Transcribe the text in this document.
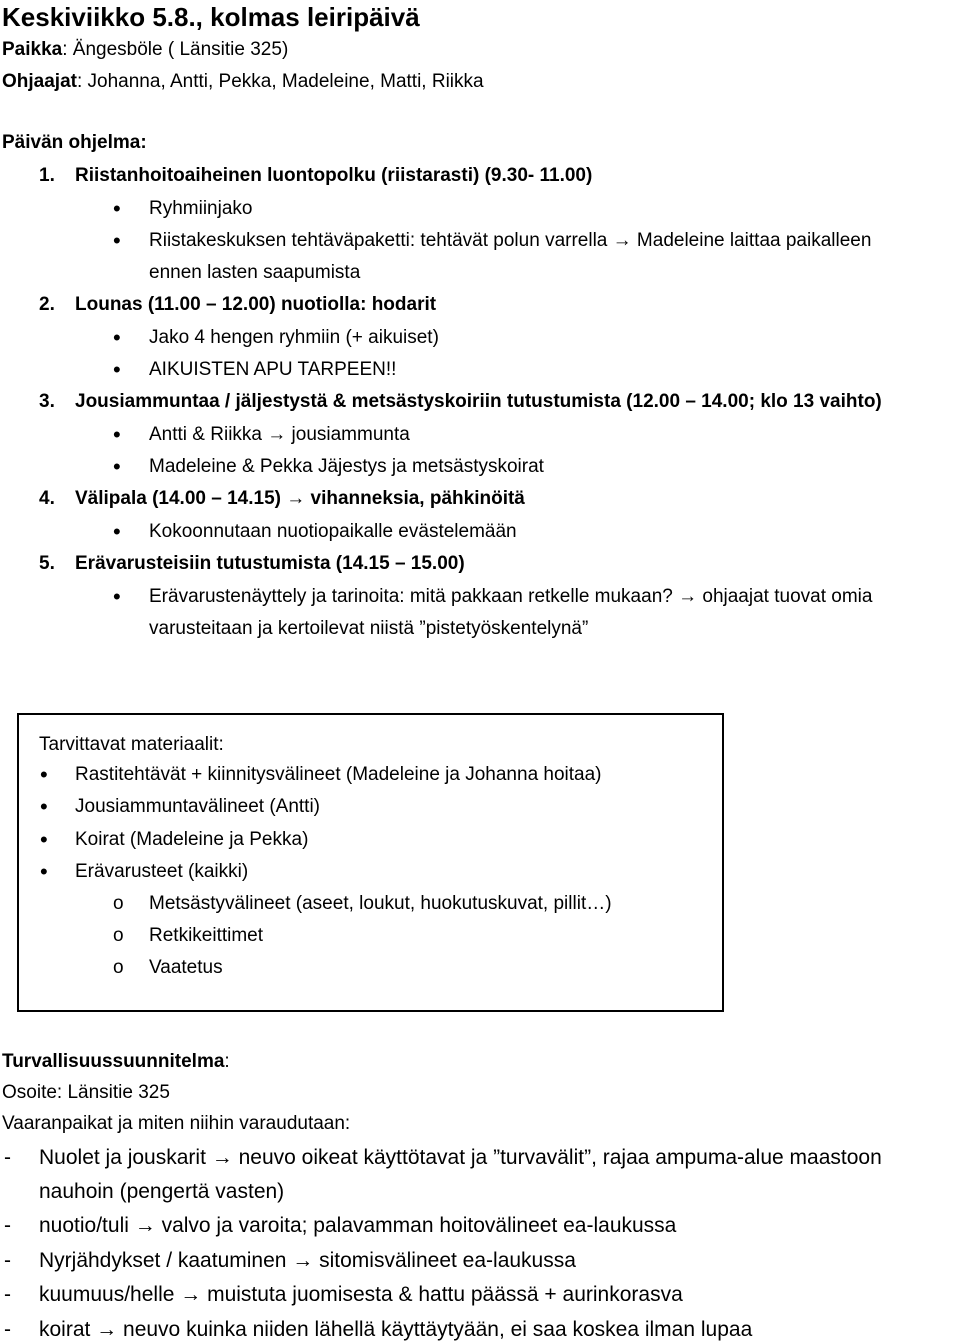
Keskiviikko 5.8., kolmas leiripäivä
Paikka: Ängesböle ( Länsitie 325)
Ohjaajat: Johanna, Antti, Pekka, Madeleine, Matti, Riikka
Päivän ohjelma:
1. Riistanhoitoaiheinen luontopolku (riistarasti) (9.30- 11.00)
• Ryhmiinjako
• Riistakeskuksen tehtäväpaketti: tehtävät polun varrella → Madeleine laittaa paikalleen
ennen lasten saapumista
2. Lounas (11.00 – 12.00) nuotiolla: hodarit
• Jako 4 hengen ryhmiin (+ aikuiset)
• AIKUISTEN APU TARPEEN!!
3. Jousiammuntaa / jäljestystä & metsästyskoiriin tutustumista (12.00 – 14.00; klo 13 vaihto)
• Antti & Riikka → jousiammunta
• Madeleine & Pekka Jäjestys ja metsästyskoirat
4. Välipala (14.00 – 14.15) → vihanneksia, pähkinöitä
• Kokoonnutaan nuotiopaikalle evästelemään
5. Erävarusteisiin tutustumista (14.15 – 15.00)
• Erävarustenäyttely ja tarinoita: mitä pakkaan retkelle mukaan? → ohjaajat tuovat omia
varusteitaan ja kertoilevat niistä ”pistetyöskentelynä”
Tarvittavat materiaalit:
• Rastitehtävät + kiinnitysvälineet (Madeleine ja Johanna hoitaa)
• Jousiammuntavälineet (Antti)
• Koirat (Madeleine ja Pekka)
• Erävarusteet (kaikki)
o Metsästyvälineet (aseet, loukut, huokutuskuvat, pillit…)
o Retkikeittimet
o Vaatetus
Turvallisuussuunnitelma:
Osoite: Länsitie 325
Vaaranpaikat ja miten niihin varaudutaan:
- Nuolet ja jouskarit → neuvo oikeat käyttötavat ja ”turvavälit”, rajaa ampuma-alue maastoon
nauhoin (pengertä vasten)
- nuotio/tuli → valvo ja varoita; palavamman hoitovälineet ea-laukussa
- Nyrjähdykset / kaatuminen → sitomisvälineet ea-laukussa
- kuumuus/helle → muistuta juomisesta & hattu päässä + aurinkorasva
- koirat → neuvo kuinka niiden lähellä käyttäytyään, ei saa koskea ilman lupaa
